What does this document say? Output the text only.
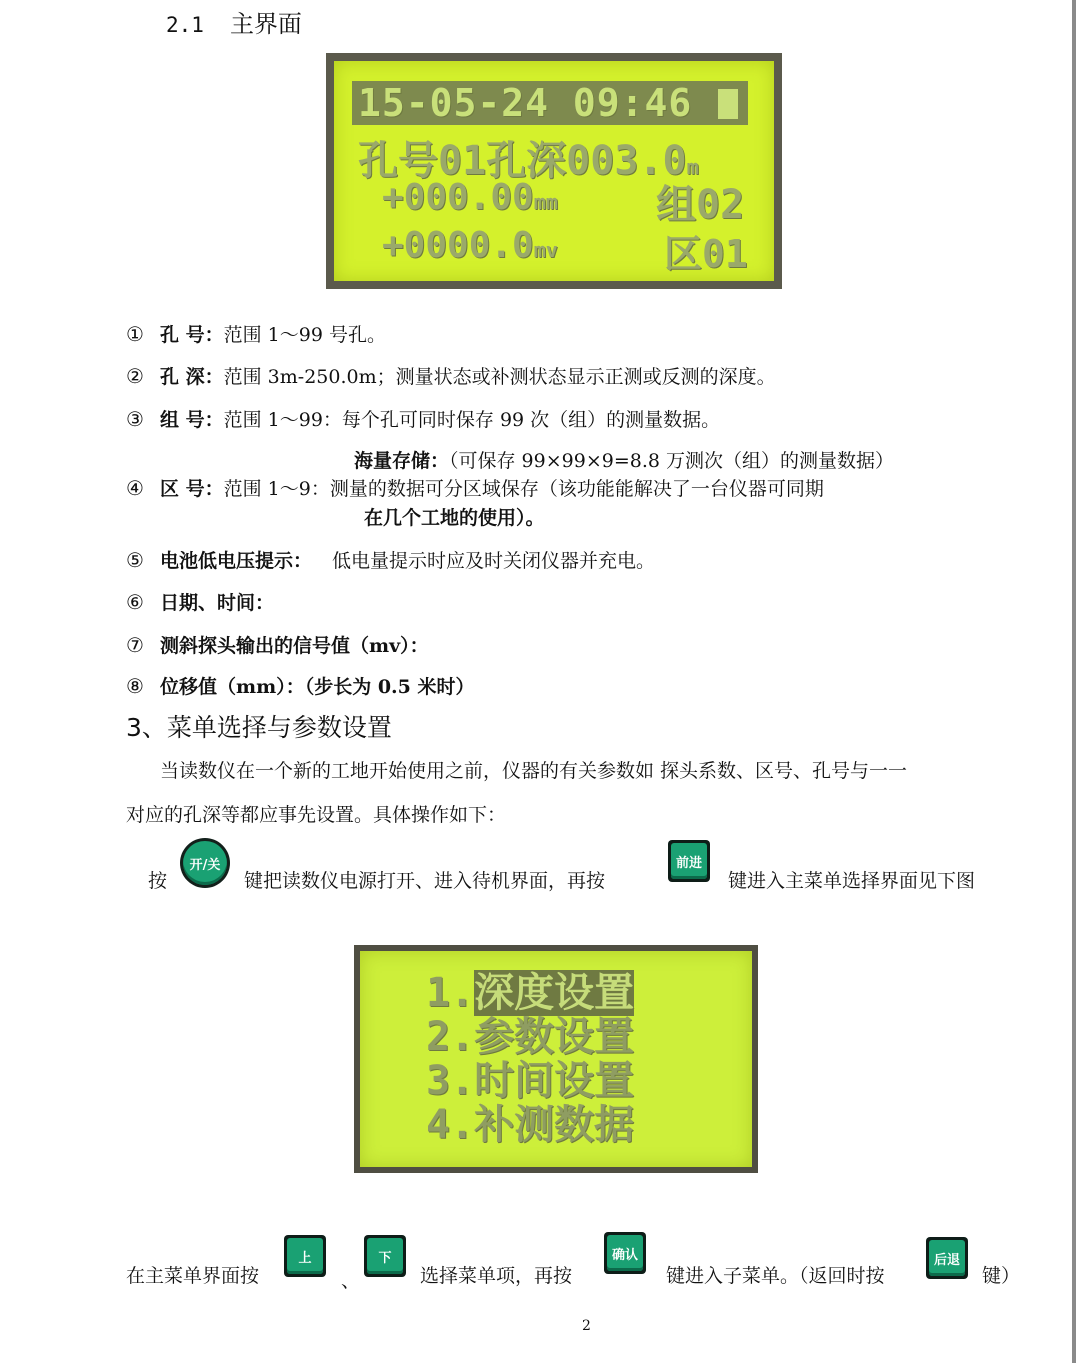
2.1 主界面
15-05-24 09:46
孔号01孔深003.0m
+000.00mm 组02
+0000.0mv	区01
① 孔 号：范围 1～99 号孔。
② 孔 深：范围 3m-250.0m；测量状态或补测状态显示正测或反测的深度。
③ 组 号：范围 1～99：每个孔可同时保存 99 次（组）的测量数据。
海量存储：（可保存 99×99×9=8.8 万测次（组）的测量数据）
④ 区 号：范围 1～9：测量的数据可分区域保存（该功能能解决了一台仪器可同期
在几个工地的使用）。
⑤ 电池低电压提示： 低电量提示时应及时关闭仪器并充电。
⑥ 日期、时间：
⑦ 测斜探头输出的信号值（mv）：
⑧ 位移值（mm）：（步长为 0.5 米时）
3、菜单选择与参数设置
当读数仪在一个新的工地开始使用之前，仪器的有关参数如 探头系数、区号、孔号与一一
对应的孔深等都应事先设置。具体操作如下：
按
开/关
键把读数仪电源打开、进入待机界面，再按
前进
键进入主菜单选择界面见下图
1.深度设置
2.参数设置
3.时间设置
4.补测数据
在主菜单界面按
上
、
下
选择菜单项，再按
确认
键进入子菜单。（返回时按
后退
键）
2
